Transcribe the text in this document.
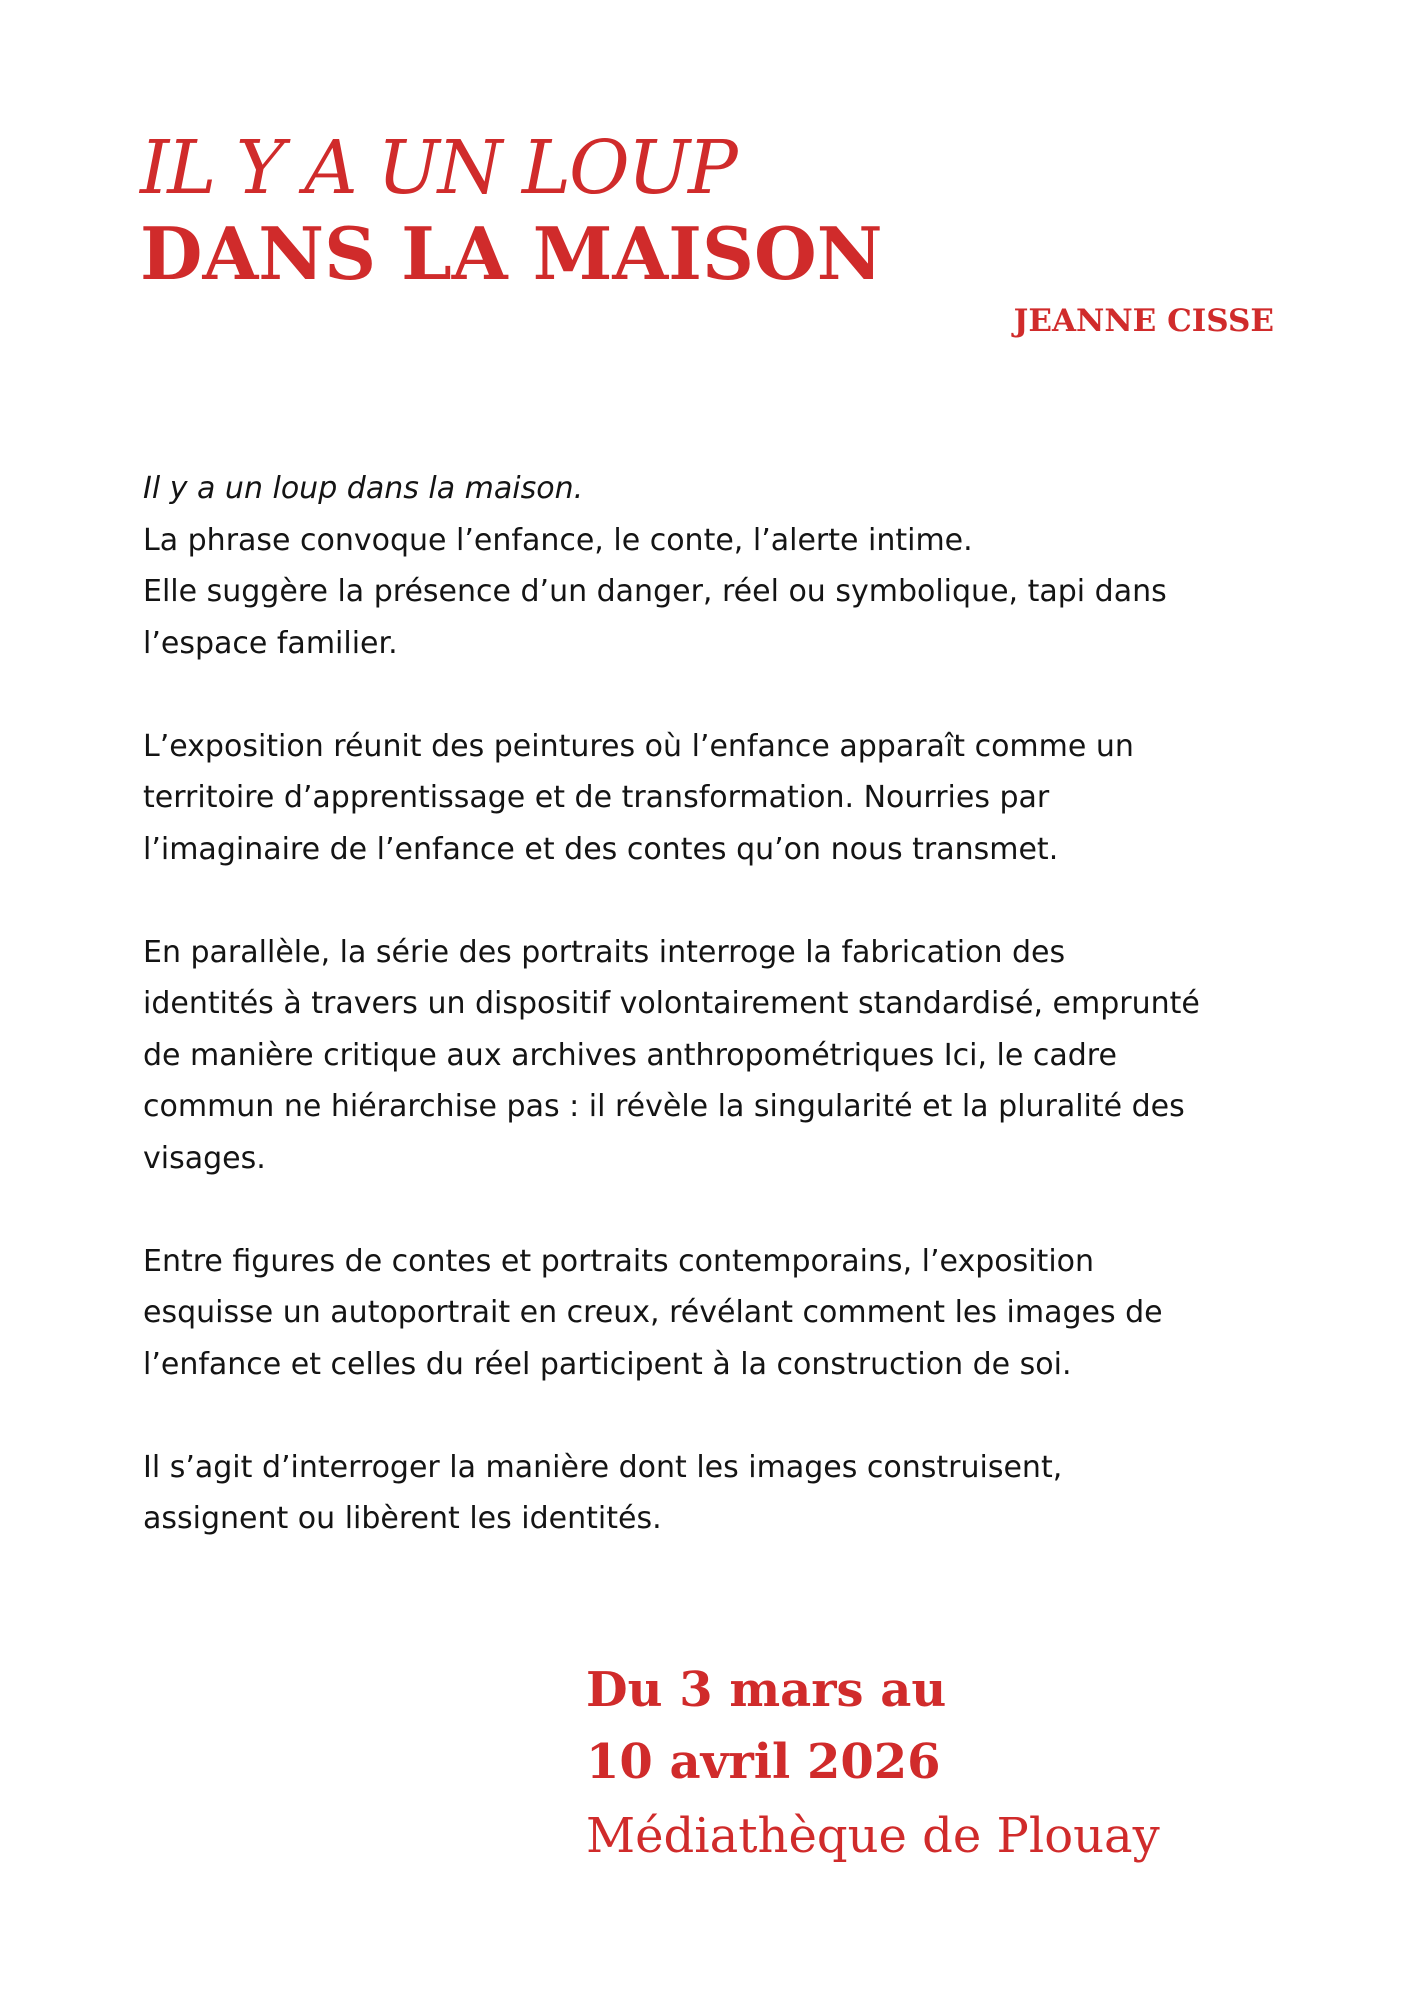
IL Y A UN LOUP
DANS LA MAISON
JEANNE CISSE

Il y a un loup dans la maison.
La phrase convoque l’enfance, le conte, l’alerte intime.
Elle suggère la présence d’un danger, réel ou symbolique, tapi dans
l’espace familier.

L’exposition réunit des peintures où l’enfance apparaît comme un
territoire d’apprentissage et de transformation. Nourries par
l’imaginaire de l’enfance et des contes qu’on nous transmet.

En parallèle, la série des portraits interroge la fabrication des
identités à travers un dispositif volontairement standardisé, emprunté
de manière critique aux archives anthropométriques Ici, le cadre
commun ne hiérarchise pas : il révèle la singularité et la pluralité des
visages.

Entre figures de contes et portraits contemporains, l’exposition
esquisse un autoportrait en creux, révélant comment les images de
l’enfance et celles du réel participent à la construction de soi.

Il s’agit d’interroger la manière dont les images construisent,
assignent ou libèrent les identités.

Du 3 mars au
10 avril 2026
Médiathèque de Plouay
